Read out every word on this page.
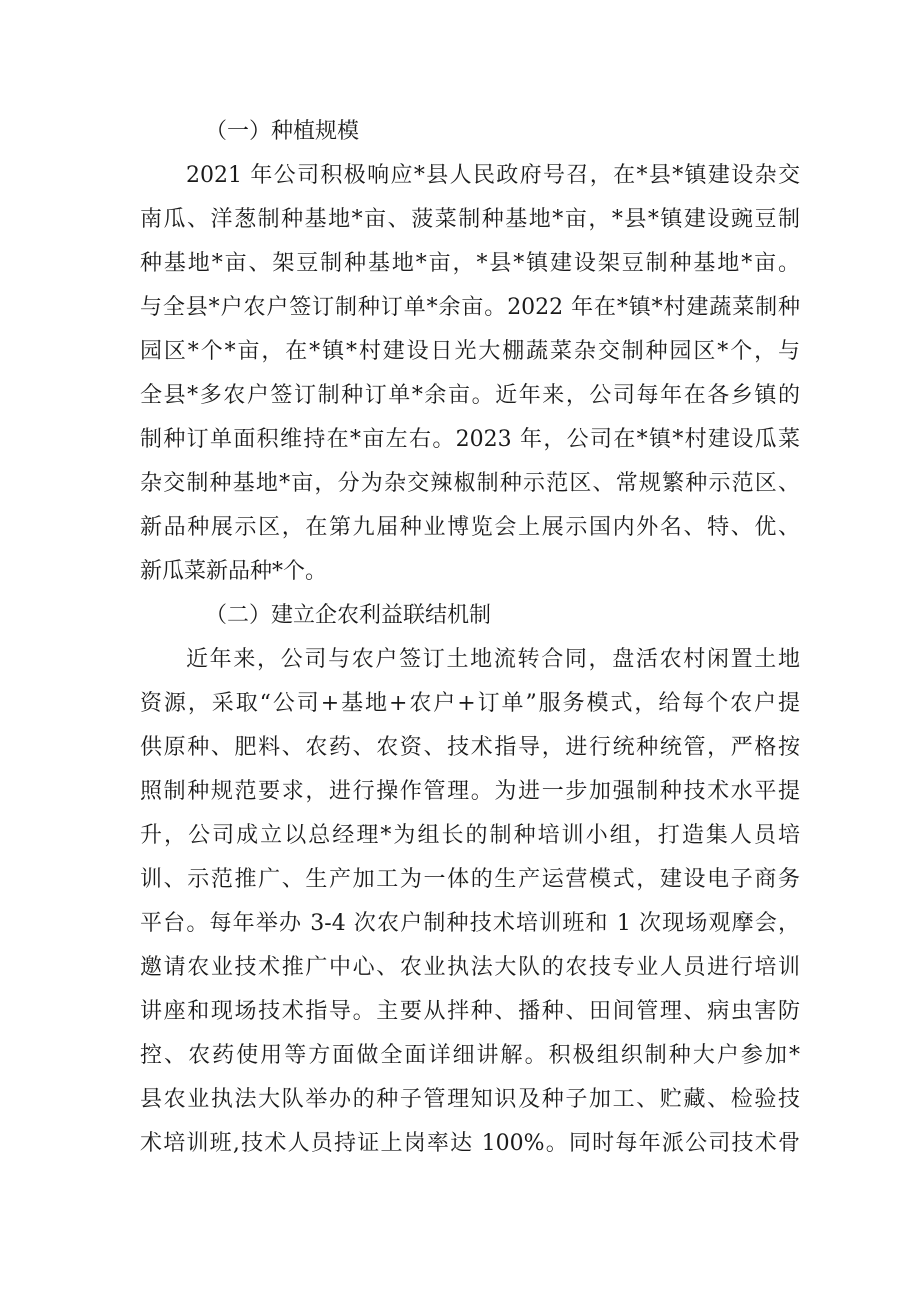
（一）种植规模
2021 年公司积极响应*县人民政府号召，在*县*镇建设杂交
南瓜、洋葱制种基地*亩、菠菜制种基地*亩，*县*镇建设豌豆制
种基地*亩、架豆制种基地*亩，*县*镇建设架豆制种基地*亩。
与全县*户农户签订制种订单*余亩。2022 年在*镇*村建蔬菜制种
园区*个*亩，在*镇*村建设日光大棚蔬菜杂交制种园区*个，与
全县*多农户签订制种订单*余亩。近年来，公司每年在各乡镇的
制种订单面积维持在*亩左右。2023 年，公司在*镇*村建设瓜菜
杂交制种基地*亩，分为杂交辣椒制种示范区、常规繁种示范区、
新品种展示区，在第九届种业博览会上展示国内外名、特、优、
新瓜菜新品种*个。
（二）建立企农利益联结机制
近年来，公司与农户签订土地流转合同，盘活农村闲置土地
资源，采取“公司+基地+农户+订单”服务模式，给每个农户提
供原种、肥料、农药、农资、技术指导，进行统种统管，严格按
照制种规范要求，进行操作管理。为进一步加强制种技术水平提
升，公司成立以总经理*为组长的制种培训小组，打造集人员培
训、示范推广、生产加工为一体的生产运营模式，建设电子商务
平台。每年举办 3-4 次农户制种技术培训班和 1 次现场观摩会，
邀请农业技术推广中心、农业执法大队的农技专业人员进行培训
讲座和现场技术指导。主要从拌种、播种、田间管理、病虫害防
控、农药使用等方面做全面详细讲解。积极组织制种大户参加*
县农业执法大队举办的种子管理知识及种子加工、贮藏、检验技
术培训班,技术人员持证上岗率达 100%。同时每年派公司技术骨
